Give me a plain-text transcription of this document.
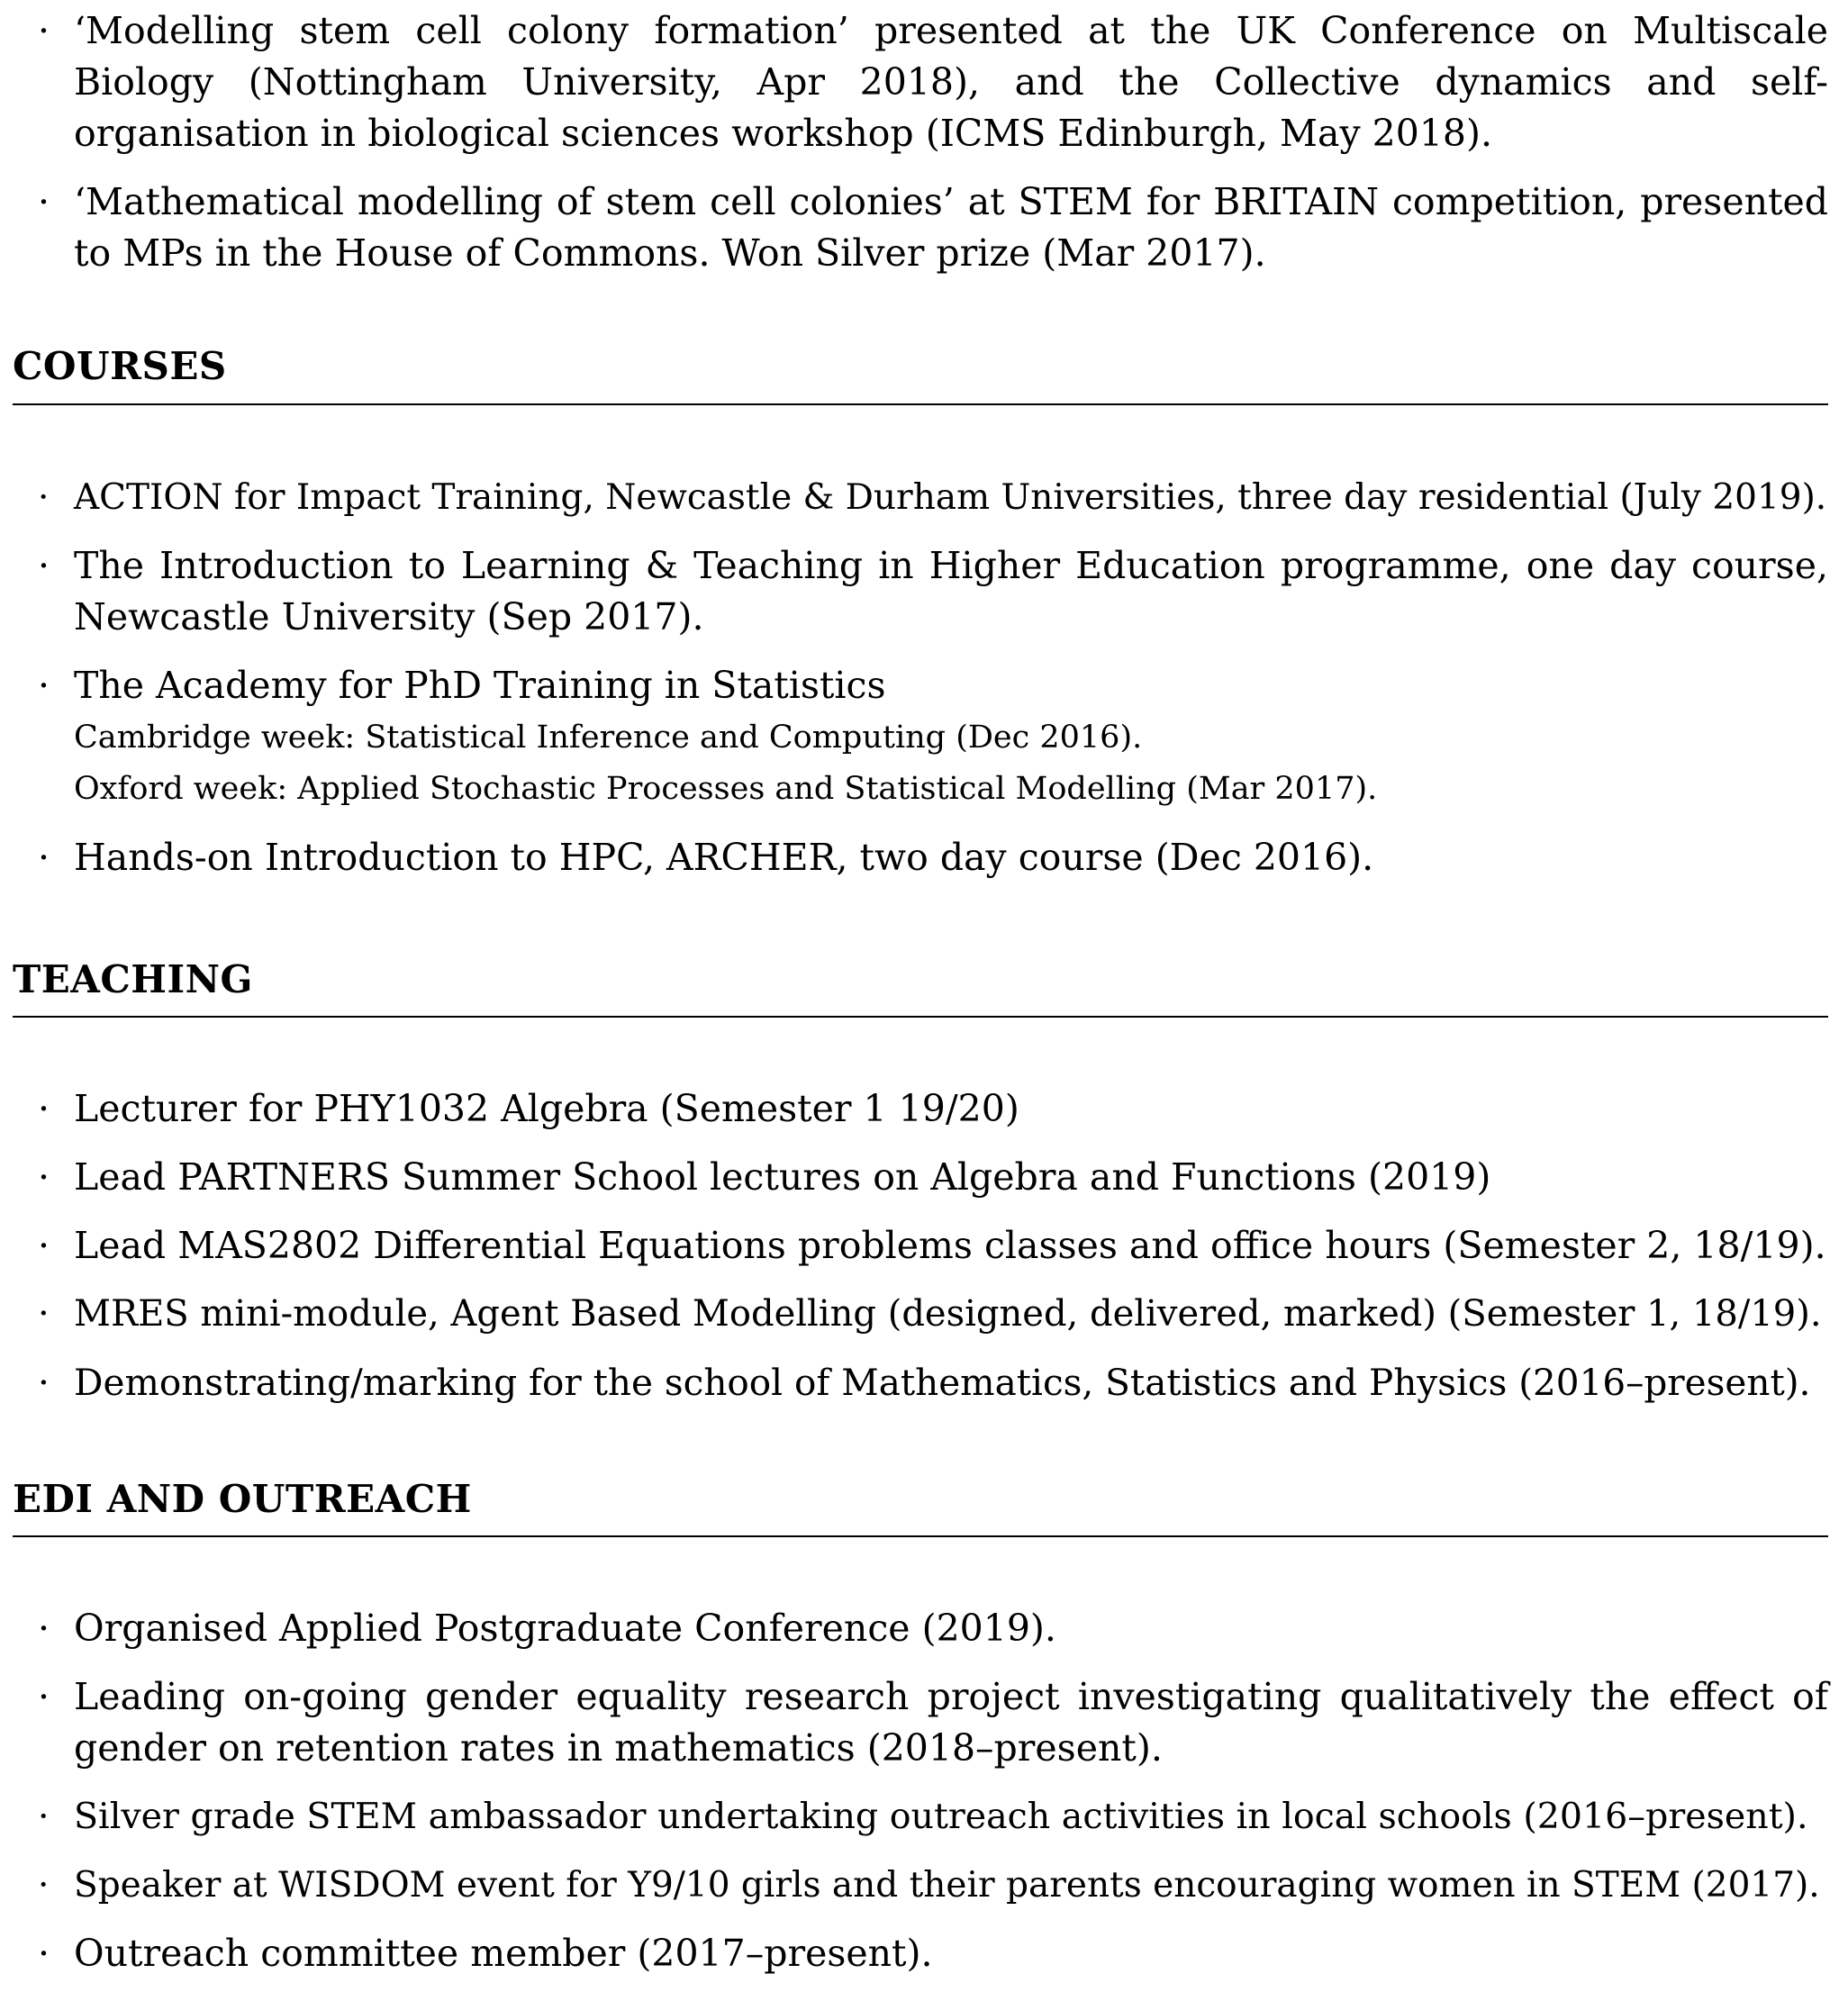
· ‘Modelling stem cell colony formation’ presented at the UK Conference on Multiscale Biology (Nottingham University, Apr 2018), and the Collective dynamics and self-organisation in biological sciences workshop (ICMS Edinburgh, May 2018).
· ‘Mathematical modelling of stem cell colonies’ at STEM for BRITAIN competition, presented to MPs in the House of Commons. Won Silver prize (Mar 2017).
COURSES
· ACTION for Impact Training, Newcastle & Durham Universities, three day residential (July 2019).
· The Introduction to Learning & Teaching in Higher Education programme, one day course, Newcastle University (Sep 2017).
· The Academy for PhD Training in Statistics
Cambridge week: Statistical Inference and Computing (Dec 2016).
Oxford week: Applied Stochastic Processes and Statistical Modelling (Mar 2017).
· Hands-on Introduction to HPC, ARCHER, two day course (Dec 2016).
TEACHING
· Lecturer for PHY1032 Algebra (Semester 1 19/20)
· Lead PARTNERS Summer School lectures on Algebra and Functions (2019)
· Lead MAS2802 Differential Equations problems classes and office hours (Semester 2, 18/19).
· MRES mini-module, Agent Based Modelling (designed, delivered, marked) (Semester 1, 18/19).
· Demonstrating/marking for the school of Mathematics, Statistics and Physics (2016–present).
EDI AND OUTREACH
· Organised Applied Postgraduate Conference (2019).
· Leading on-going gender equality research project investigating qualitatively the effect of gender on retention rates in mathematics (2018–present).
· Silver grade STEM ambassador undertaking outreach activities in local schools (2016–present).
· Speaker at WISDOM event for Y9/10 girls and their parents encouraging women in STEM (2017).
· Outreach committee member (2017–present).
